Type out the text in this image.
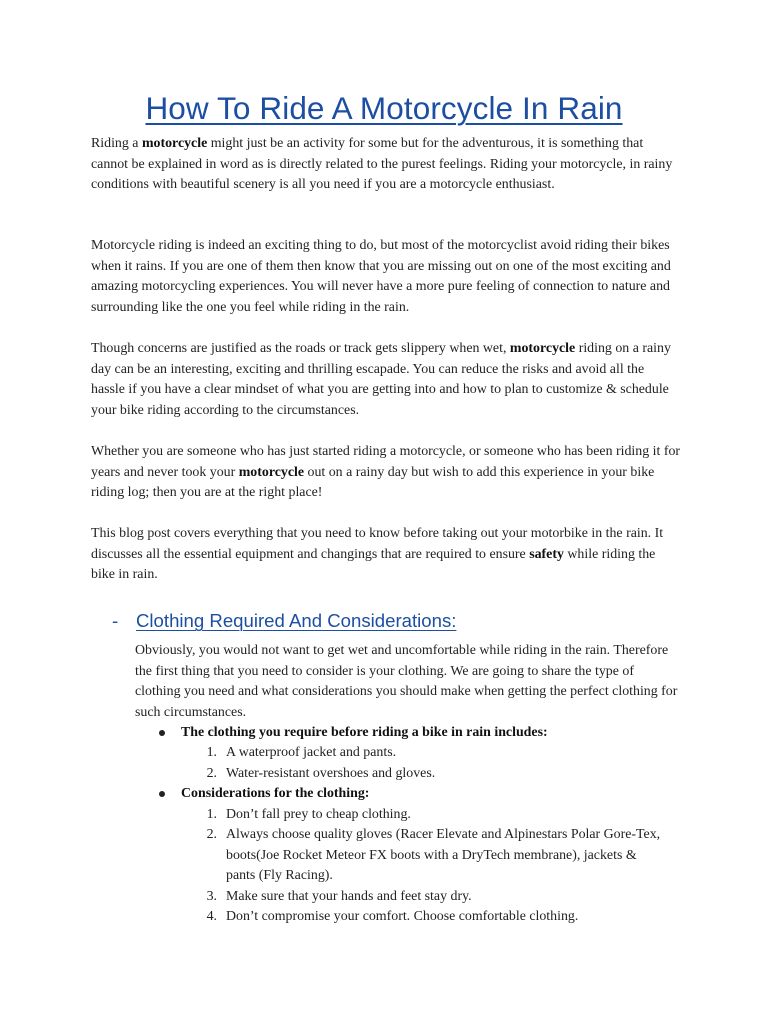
How To Ride A Motorcycle In Rain

Riding a motorcycle might just be an activity for some but for the adventurous, it is something that cannot be explained in word as is directly related to the purest feelings. Riding your motorcycle, in rainy conditions with beautiful scenery is all you need if you are a motorcycle enthusiast.

Motorcycle riding is indeed an exciting thing to do, but most of the motorcyclist avoid riding their bikes when it rains. If you are one of them then know that you are missing out on one of the most exciting and amazing motorcycling experiences. You will never have a more pure feeling of connection to nature and surrounding like the one you feel while riding in the rain.

Though concerns are justified as the roads or track gets slippery when wet, motorcycle riding on a rainy day can be an interesting, exciting and thrilling escapade. You can reduce the risks and avoid all the hassle if you have a clear mindset of what you are getting into and how to plan to customize & schedule your bike riding according to the circumstances.

Whether you are someone who has just started riding a motorcycle, or someone who has been riding it for years and never took your motorcycle out on a rainy day but wish to add this experience in your bike riding log; then you are at the right place!

This blog post covers everything that you need to know before taking out your motorbike in the rain. It discusses all the essential equipment and changings that are required to ensure safety while riding the bike in rain.

- Clothing Required And Considerations:

Obviously, you would not want to get wet and uncomfortable while riding in the rain. Therefore the first thing that you need to consider is your clothing. We are going to share the type of clothing you need and what considerations you should make when getting the perfect clothing for such circumstances.

The clothing you require before riding a bike in rain includes:
1. A waterproof jacket and pants.
2. Water-resistant overshoes and gloves.
Considerations for the clothing:
1. Don’t fall prey to cheap clothing.
2. Always choose quality gloves (Racer Elevate and Alpinestars Polar Gore-Tex, boots(Joe Rocket Meteor FX boots with a DryTech membrane), jackets & pants (Fly Racing).
3. Make sure that your hands and feet stay dry.
4. Don’t compromise your comfort. Choose comfortable clothing.
